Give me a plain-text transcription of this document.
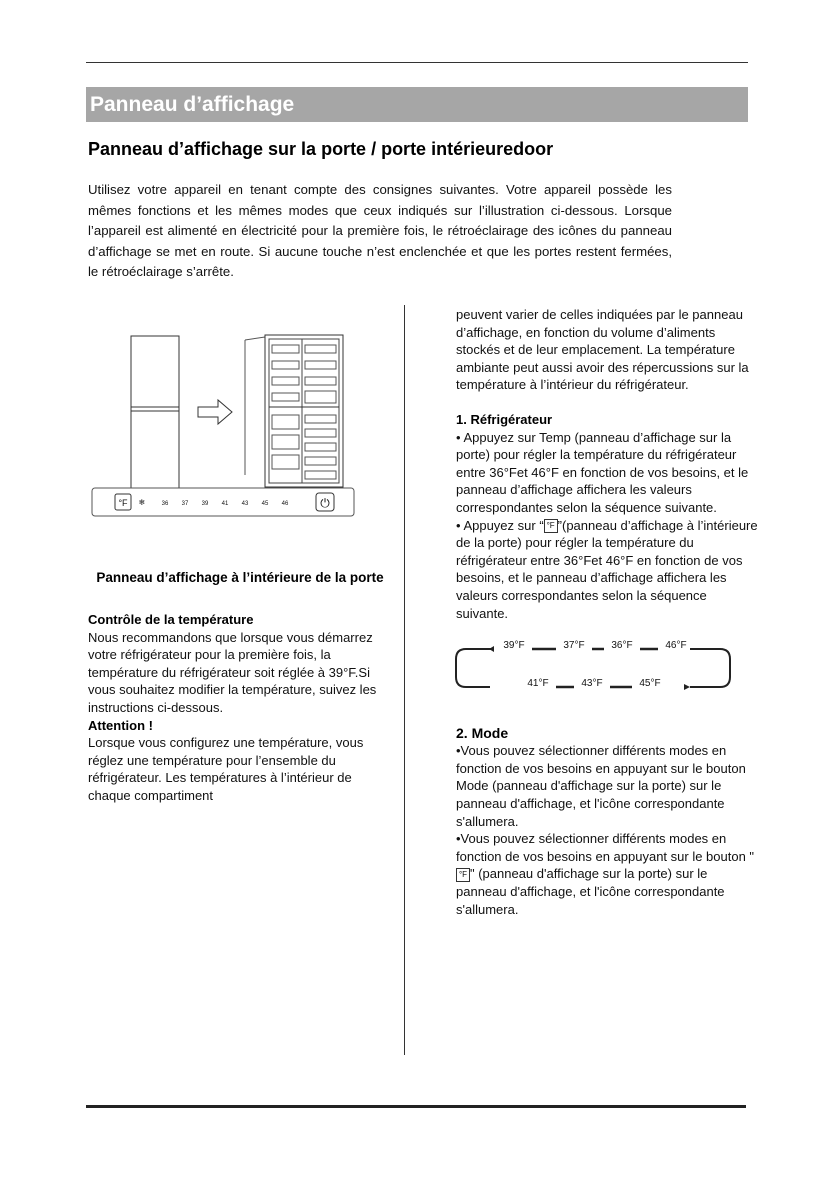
Panneau d’affichage
Panneau d’affichage sur la porte / porte intérieuredoor

Utilisez votre appareil en tenant compte des consignes suivantes. Votre appareil possède les mêmes fonctions et les mêmes modes que ceux indiqués sur l’illustration ci-dessous. Lorsque l’appareil est alimenté en électricité pour la première fois, le rétroéclairage des icônes du panneau d’affichage se met en route. Si aucune touche n’est enclenchée et que les portes restent fermées, le rétroéclairage s’arrête.

°F ❄	36 37 39 41 43 45 46	⏻
Panneau d’affichage à l’intérieure de la porte
Contrôle de la température
Nous recommandons que lorsque vous démarrez votre réfrigérateur pour la première fois, la température du réfrigérateur soit réglée à 39°F.Si vous souhaitez modifier la température, suivez les instructions ci-dessous.
Attention !
Lorsque vous configurez une température, vous réglez une température pour l’ensemble du réfrigérateur. Les températures à l’intérieur de chaque compartiment

peuvent varier de celles indiquées par le panneau d’affichage, en fonction du volume d’aliments stockés et de leur emplacement. La température ambiante peut aussi avoir des répercussions sur la température à l’intérieur du réfrigérateur.

1. Réfrigérateur

• Appuyez sur Temp (panneau d’affichage sur la porte) pour régler la température du réfrigérateur entre 36°Fet 46°F en fonction de vos besoins, et le panneau d’affichage affichera les valeurs correspondantes selon la séquence suivante.

• Appuyez sur “ °F ”(panneau d’affichage à l’intérieure de la porte) pour régler la température du réfrigérateur entre 36°Fet 46°F en fonction de vos besoins, et le panneau d’affichage affichera les valeurs correspondantes selon la séquence suivante.

39°F	37°F	36°F	46°F
41°F	43°F	45°F

2. Mode

•Vous pouvez sélectionner différents modes en fonction de vos besoins en appuyant sur le bouton Mode (panneau d'affichage sur la porte) sur le panneau d'affichage, et l'icône correspondante s'allumera.

•Vous pouvez sélectionner différents modes en fonction de vos besoins en appuyant sur le bouton "°F " (panneau d'affichage sur la porte) sur le panneau d'affichage, et l'icône correspondante s'allumera.
